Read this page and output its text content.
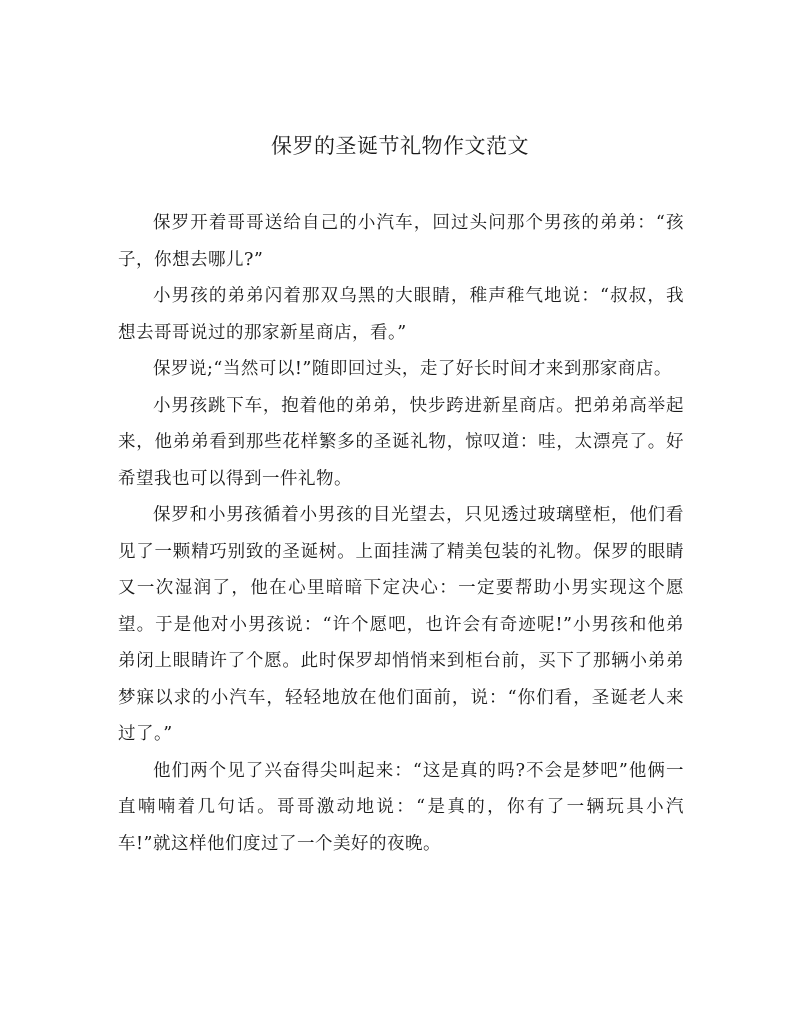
保罗的圣诞节礼物作文范文

保罗开着哥哥送给自己的小汽车，回过头问那个男孩的弟弟：“孩子，你想去哪儿?”

小男孩的弟弟闪着那双乌黑的大眼睛，稚声稚气地说：“叔叔，我想去哥哥说过的那家新星商店，看。”

保罗说;“当然可以!”随即回过头，走了好长时间才来到那家商店。

小男孩跳下车，抱着他的弟弟，快步跨进新星商店。把弟弟高举起来，他弟弟看到那些花样繁多的圣诞礼物，惊叹道：哇，太漂亮了。好希望我也可以得到一件礼物。

保罗和小男孩循着小男孩的目光望去，只见透过玻璃壁柜，他们看见了一颗精巧别致的圣诞树。上面挂满了精美包装的礼物。保罗的眼睛又一次湿润了，他在心里暗暗下定决心：一定要帮助小男实现这个愿望。于是他对小男孩说：“许个愿吧，也许会有奇迹呢!”小男孩和他弟弟闭上眼睛许了个愿。此时保罗却悄悄来到柜台前，买下了那辆小弟弟梦寐以求的小汽车，轻轻地放在他们面前，说：“你们看，圣诞老人来过了。”

他们两个见了兴奋得尖叫起来：“这是真的吗?不会是梦吧”他俩一直喃喃着几句话。哥哥激动地说：“是真的，你有了一辆玩具小汽车!”就这样他们度过了一个美好的夜晚。
